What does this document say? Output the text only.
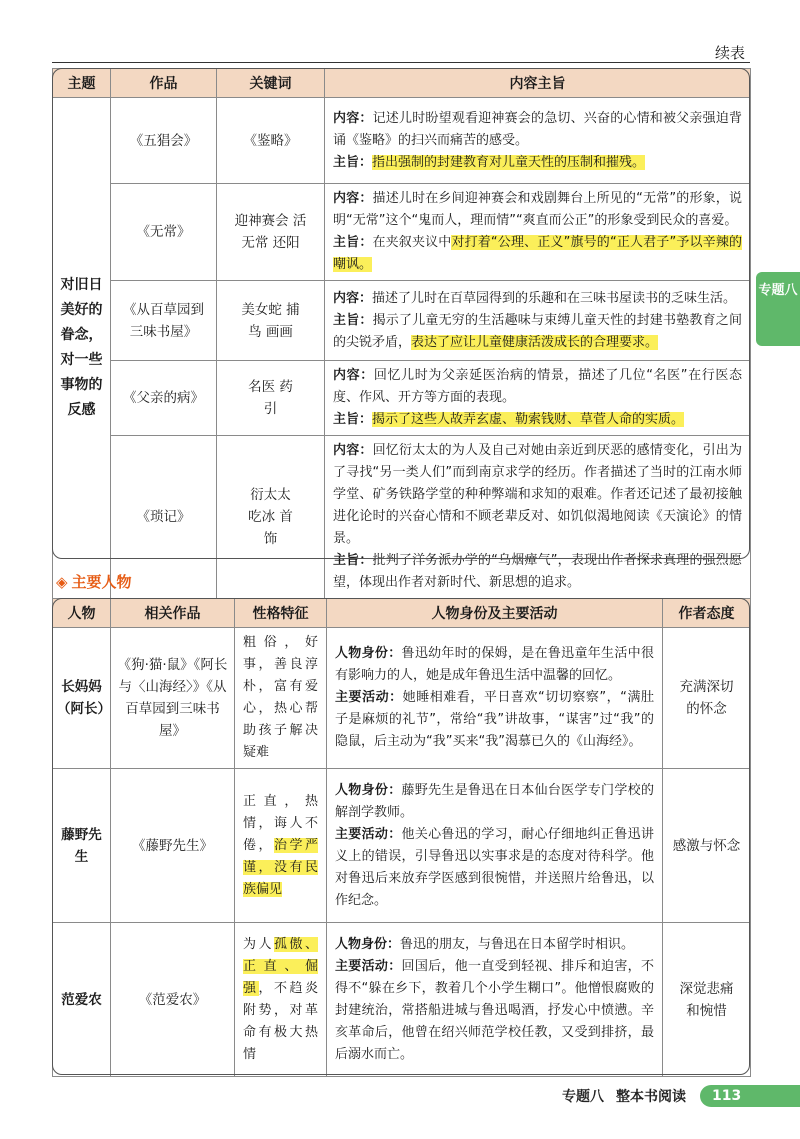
续表
主题	作品	关键词	内容主旨
对旧日美好的眷念，对一些事物的反感	《五猖会》	《鉴略》	内容：记述儿时盼望观看迎神赛会的急切、兴奋的心情和被父亲强迫背诵《鉴略》的扫兴而痛苦的感受。
主旨：指出强制的封建教育对儿童天性的压制和摧残。
	《无常》	迎神赛会 活无常 还阳	内容：描述儿时在乡间迎神赛会和戏剧舞台上所见的“无常”的形象，说明“无常”这个“鬼而人，理而情”“爽直而公正”的形象受到民众的喜爱。
主旨：在夹叙夹议中对打着“公理、正义”旗号的“正人君子”予以辛辣的嘲讽。
	《从百草园到三味书屋》	美女蛇 捕鸟 画画	内容：描述了儿时在百草园得到的乐趣和在三味书屋读书的乏味生活。
主旨：揭示了儿童无穷的生活趣味与束缚儿童天性的封建书塾教育之间的尖锐矛盾，表达了应让儿童健康活泼成长的合理要求。
	《父亲的病》	名医 药引	内容：回忆儿时为父亲延医治病的情景，描述了几位“名医”在行医态度、作风、开方等方面的表现。
主旨：揭示了这些人故弄玄虚、勒索钱财、草菅人命的实质。
	《琐记》	衍太太 吃冰 首饰	内容：回忆衍太太的为人及自己对她由亲近到厌恶的感情变化，引出为了寻找“另一类人们”而到南京求学的经历。作者描述了当时的江南水师学堂、矿务铁路学堂的种种弊端和求知的艰难。作者还记述了最初接触进化论时的兴奋心情和不顾老辈反对、如饥似渴地阅读《天演论》的情景。
主旨：批判了洋务派办学的“乌烟瘴气”，表现出作者探求真理的强烈愿望，体现出作者对新时代、新思想的追求。
专题八
◈ 主要人物
人物	相关作品	性格特征	人物身份及主要活动	作者态度
长妈妈（阿长）	《狗·猫·鼠》《阿长与〈山海经〉》《从百草园到三味书屋》	粗俗，好事，善良淳朴，富有爱心，热心帮助孩子解决疑难	人物身份：鲁迅幼年时的保姆，是在鲁迅童年生活中很有影响力的人，她是成年鲁迅生活中温馨的回忆。
主要活动：她睡相难看，平日喜欢“切切察察”，“满肚子是麻烦的礼节”，常给“我”讲故事，“谋害”过“我”的隐鼠，后主动为“我”买来“我”渴慕已久的《山海经》。	充满深切的怀念
藤野先生	《藤野先生》	正直，热情，诲人不倦，治学严谨，没有民族偏见	人物身份：藤野先生是鲁迅在日本仙台医学专门学校的解剖学教师。
主要活动：他关心鲁迅的学习，耐心仔细地纠正鲁迅讲义上的错误，引导鲁迅以实事求是的态度对待科学。他对鲁迅后来放弃学医感到很惋惜，并送照片给鲁迅，以作纪念。	感激与怀念
范爱农	《范爱农》	为人孤傲、正直、倔强，不趋炎附势，对革命有极大热情	人物身份：鲁迅的朋友，与鲁迅在日本留学时相识。
主要活动：回国后，他一直受到轻视、排斥和迫害，不得不“躲在乡下，教着几个小学生糊口”。他憎恨腐败的封建统治，常搭船进城与鲁迅喝酒，抒发心中愤懑。辛亥革命后，他曾在绍兴师范学校任教，又受到排挤，最后溺水而亡。	深觉悲痛和惋惜
专题八 整本书阅读	113
